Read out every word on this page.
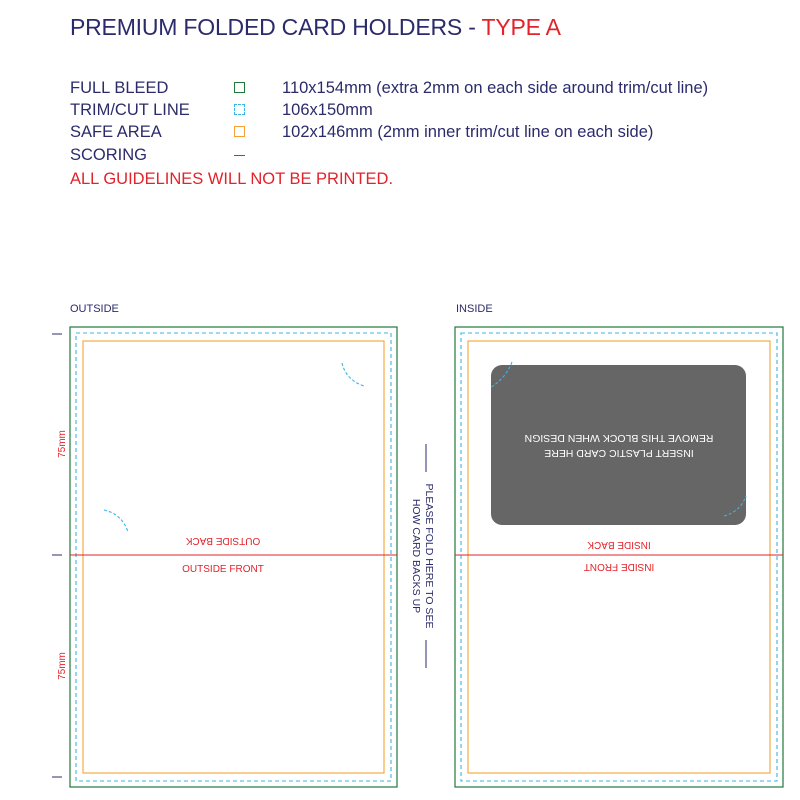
PREMIUM FOLDED CARD HOLDERS - TYPE A
FULL BLEED	110x154mm (extra 2mm on each side around trim/cut line)
TRIM/CUT LINE	106x150mm
SAFE AREA	102x146mm (2mm inner trim/cut line on each side)
SCORING
ALL GUIDELINES WILL NOT BE PRINTED.
OUTSIDE	INSIDE
OUTSIDE BACK
OUTSIDE FRONT
REMOVE THIS BLOCK WHEN DESIGN
INSERT PLASTIC CARD HERE
INSIDE BACK
INSIDE FRONT
75mm
75mm
PLEASE FOLD HERE TO SEE
HOW CARD BACKS UP
